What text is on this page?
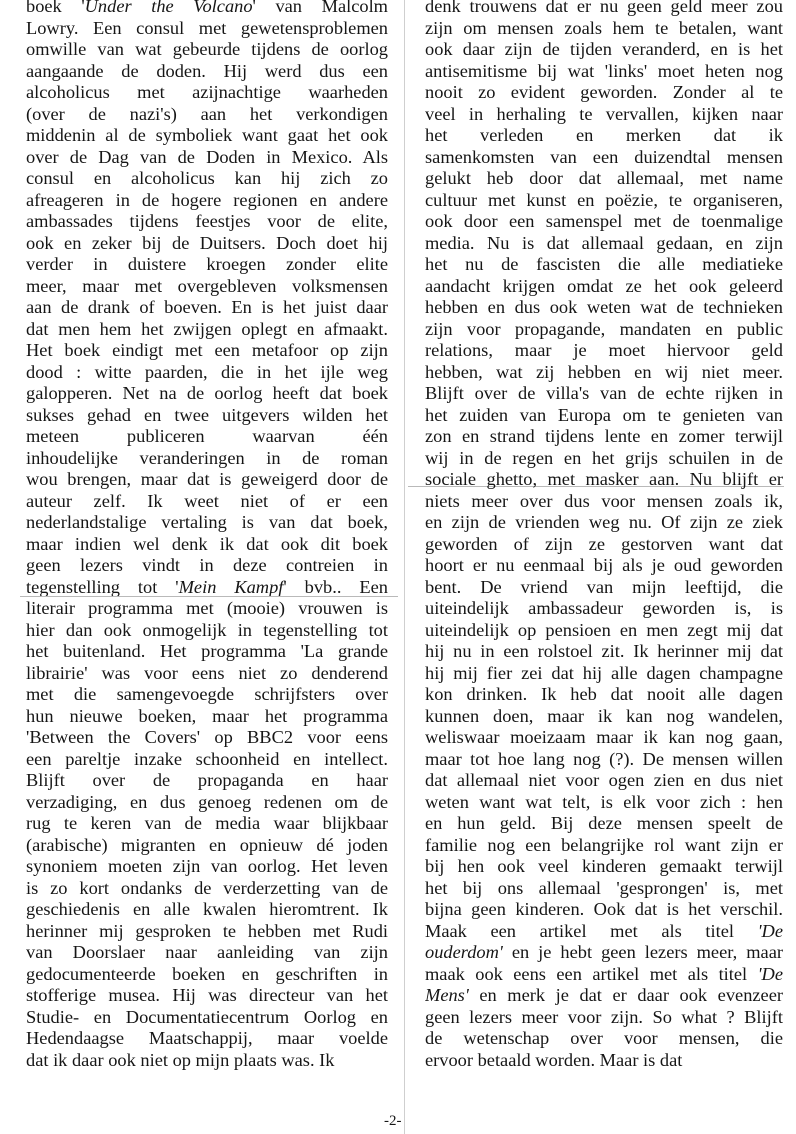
boek 'Under the Volcano' van Malcolm
Lowry. Een consul met gewetensproblemen
omwille van wat gebeurde tijdens de oorlog
aangaande de doden. Hij werd dus een
alcoholicus met azijnachtige waarheden
(over de nazi's) aan het verkondigen
middenin al de symboliek want gaat het ook
over de Dag van de Doden in Mexico. Als
consul en alcoholicus kan hij zich zo
afreageren in de hogere regionen en andere
ambassades tijdens feestjes voor de elite,
ook en zeker bij de Duitsers. Doch doet hij
verder in duistere kroegen zonder elite
meer, maar met overgebleven volksmensen
aan de drank of boeven. En is het juist daar
dat men hem het zwijgen oplegt en afmaakt.
Het boek eindigt met een metafoor op zijn
dood : witte paarden, die in het ijle weg
galopperen. Net na de oorlog heeft dat boek
sukses gehad en twee uitgevers wilden het
meteen publiceren waarvan één
inhoudelijke veranderingen in de roman
wou brengen, maar dat is geweigerd door de
auteur zelf. Ik weet niet of er een
nederlandstalige vertaling is van dat boek,
maar indien wel denk ik dat ook dit boek
geen lezers vindt in deze contreien in
tegenstelling tot 'Mein Kampf' bvb.. Een
literair programma met (mooie) vrouwen is
hier dan ook onmogelijk in tegenstelling tot
het buitenland. Het programma 'La grande
librairie' was voor eens niet zo denderend
met die samengevoegde schrijfsters over
hun nieuwe boeken, maar het programma
'Between the Covers' op BBC2 voor eens
een pareltje inzake schoonheid en intellect.
Blijft over de propaganda en haar
verzadiging, en dus genoeg redenen om de
rug te keren van de media waar blijkbaar
(arabische) migranten en opnieuw dé joden
synoniem moeten zijn van oorlog. Het leven
is zo kort ondanks de verderzetting van de
geschiedenis en alle kwalen hieromtrent. Ik
herinner mij gesproken te hebben met Rudi
van Doorslaer naar aanleiding van zijn
gedocumenteerde boeken en geschriften in
stofferige musea. Hij was directeur van het
Studie- en Documentatiecentrum Oorlog en
Hedendaagse Maatschappij, maar voelde
dat ik daar ook niet op mijn plaats was. Ik
denk trouwens dat er nu geen geld meer zou
zijn om mensen zoals hem te betalen, want
ook daar zijn de tijden veranderd, en is het
antisemitisme bij wat 'links' moet heten nog
nooit zo evident geworden. Zonder al te
veel in herhaling te vervallen, kijken naar
het verleden en merken dat ik
samenkomsten van een duizendtal mensen
gelukt heb door dat allemaal, met name
cultuur met kunst en poëzie, te organiseren,
ook door een samenspel met de toenmalige
media. Nu is dat allemaal gedaan, en zijn
het nu de fascisten die alle mediatieke
aandacht krijgen omdat ze het ook geleerd
hebben en dus ook weten wat de technieken
zijn voor propagande, mandaten en public
relations, maar je moet hiervoor geld
hebben, wat zij hebben en wij niet meer.
Blijft over de villa's van de echte rijken in
het zuiden van Europa om te genieten van
zon en strand tijdens lente en zomer terwijl
wij in de regen en het grijs schuilen in de
sociale ghetto, met masker aan. Nu blijft er
niets meer over dus voor mensen zoals ik,
en zijn de vrienden weg nu. Of zijn ze ziek
geworden of zijn ze gestorven want dat
hoort er nu eenmaal bij als je oud geworden
bent. De vriend van mijn leeftijd, die
uiteindelijk ambassadeur geworden is, is
uiteindelijk op pensioen en men zegt mij dat
hij nu in een rolstoel zit. Ik herinner mij dat
hij mij fier zei dat hij alle dagen champagne
kon drinken. Ik heb dat nooit alle dagen
kunnen doen, maar ik kan nog wandelen,
weliswaar moeizaam maar ik kan nog gaan,
maar tot hoe lang nog (?). De mensen willen
dat allemaal niet voor ogen zien en dus niet
weten want wat telt, is elk voor zich : hen
en hun geld. Bij deze mensen speelt de
familie nog een belangrijke rol want zijn er
bij hen ook veel kinderen gemaakt terwijl
het bij ons allemaal 'gesprongen' is, met
bijna geen kinderen. Ook dat is het verschil.
Maak een artikel met als titel 'De
ouderdom' en je hebt geen lezers meer, maar
maak ook eens een artikel met als titel 'De
Mens' en merk je dat er daar ook evenzeer
geen lezers meer voor zijn. So what ? Blijft
de wetenschap over voor mensen, die
ervoor betaald worden. Maar is dat
-2-
